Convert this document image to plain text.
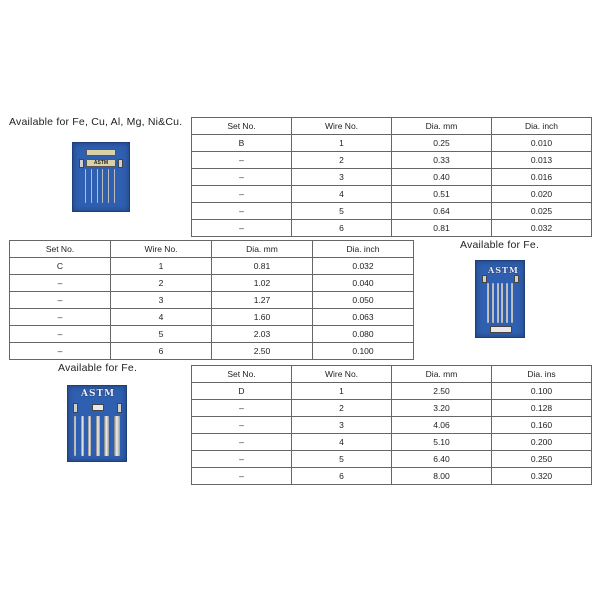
Available for Fe, Cu, Al, Mg, Ni&Cu.
ASTM
Set No.	Wire No.	Dia. mm	Dia. inch
B	1	0.25	0.010
–	2	0.33	0.013
–	3	0.40	0.016
–	4	0.51	0.020
–	5	0.64	0.025
–	6	0.81	0.032
Set No.	Wire No.	Dia. mm	Dia. inch
C	1	0.81	0.032
–	2	1.02	0.040
–	3	1.27	0.050
–	4	1.60	0.063
–	5	2.03	0.080
–	6	2.50	0.100
Available for Fe.
ASTM
Available for Fe.
ASTM
Set No.	Wire No.	Dia. mm	Dia. ins
D	1	2.50	0.100
–	2	3.20	0.128
–	3	4.06	0.160
–	4	5.10	0.200
–	5	6.40	0.250
–	6	8.00	0.320
